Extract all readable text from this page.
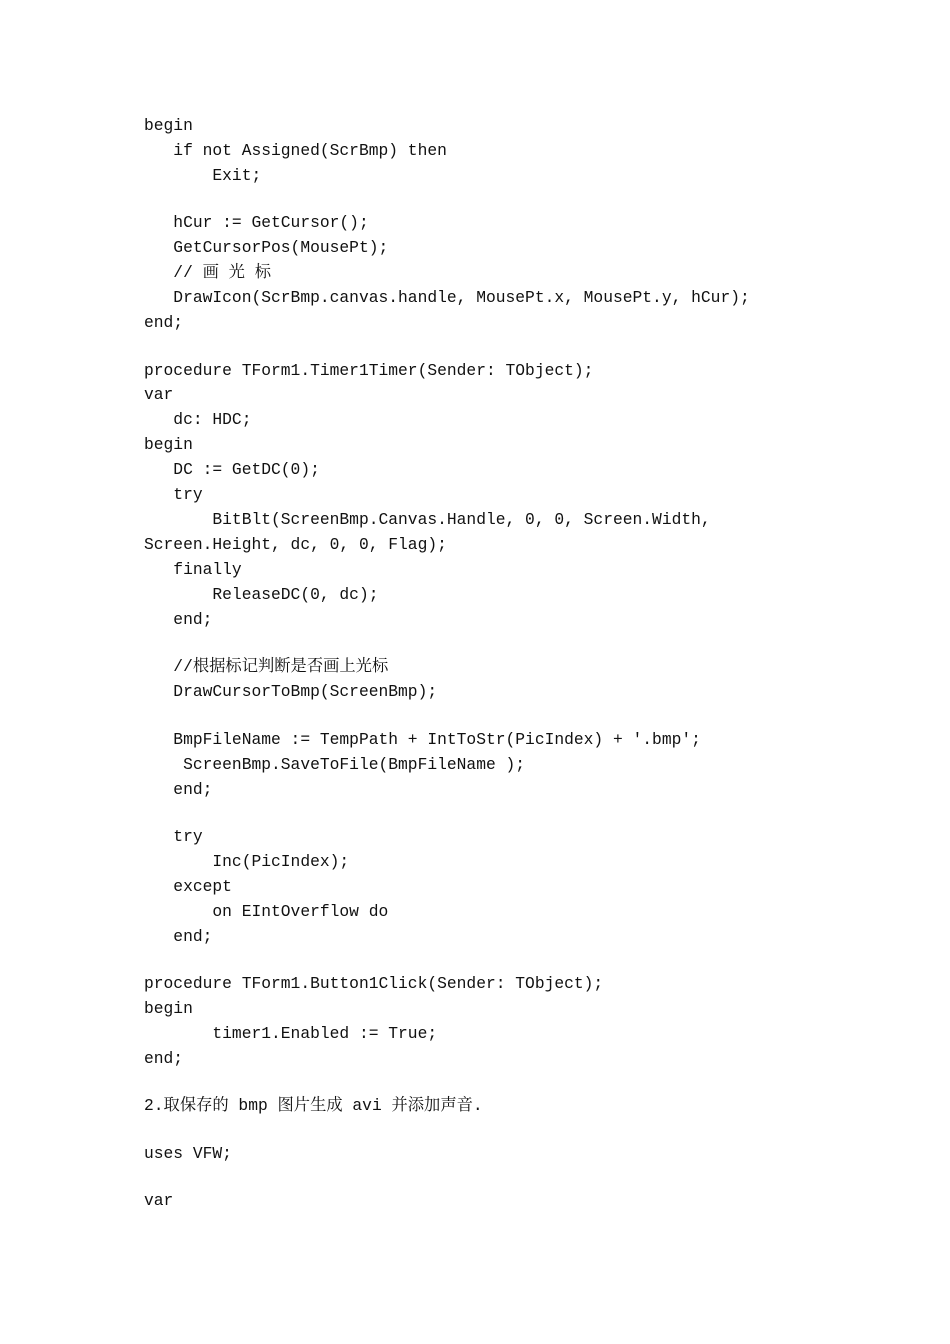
begin
if not Assigned(ScrBmp) then
Exit;
hCur := GetCursor();
GetCursorPos(MousePt);
// 画 光 标
DrawIcon(ScrBmp.canvas.handle, MousePt.x, MousePt.y, hCur);
end;
procedure TForm1.Timer1Timer(Sender: TObject);
var
dc: HDC;
begin
DC := GetDC(0);
try
BitBlt(ScreenBmp.Canvas.Handle, 0, 0, Screen.Width,
Screen.Height, dc, 0, 0, Flag);
finally
ReleaseDC(0, dc);
end;
//根据标记判断是否画上光标
DrawCursorToBmp(ScreenBmp);
BmpFileName := TempPath + IntToStr(PicIndex) + '.bmp';
ScreenBmp.SaveToFile(BmpFileName );
end;
try
Inc(PicIndex);
except
on EIntOverflow do
end;
procedure TForm1.Button1Click(Sender: TObject);
begin
timer1.Enabled := True;
end;
2.取保存的 bmp 图片生成 avi 并添加声音.
uses VFW;
var
